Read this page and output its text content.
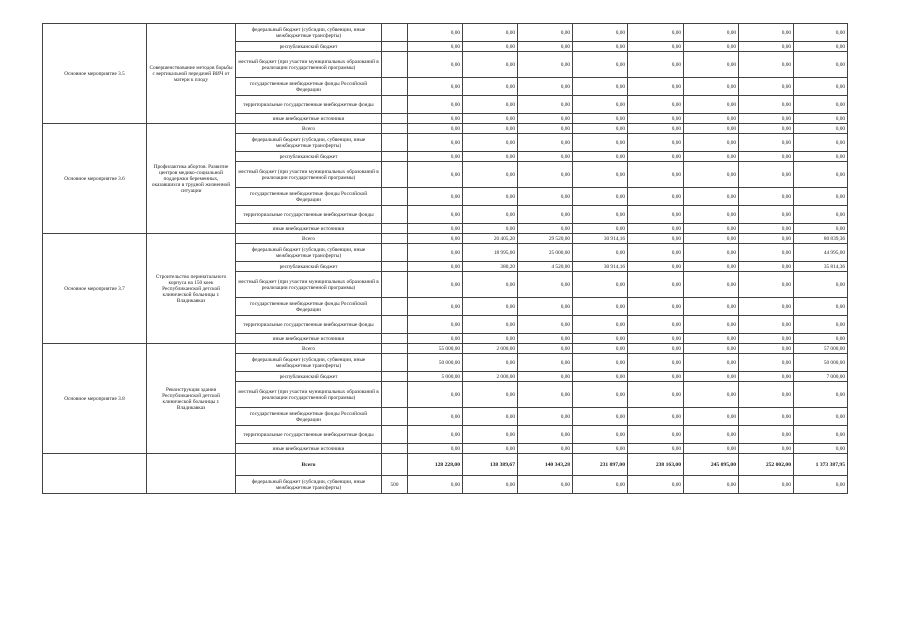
Основное мероприятие 3.5	Совершенствование методов борьбы с вертикальной передачей ВИЧ от матери к плоду	федеральный бюджет (субсидии, субвенции, иные межбюджетные трансферты)		0,00	0,00	0,00	0,00	0,00	0,00	0,00	0,00
		республиканский бюджет		0,00	0,00	0,00	0,00	0,00	0,00	0,00	0,00
		местный бюджет (при участии муниципальных образований в реализации государственной программы)		0,00	0,00	0,00	0,00	0,00	0,00	0,00	0,00
		государственные внебюджетные фонды Российской Федерации		0,00	0,00	0,00	0,00	0,00	0,00	0,00	0,00
		территориальные государственные внебюджетные фонды		0,00	0,00	0,00	0,00	0,00	0,00	0,00	0,00
		иные внебюджетные источники		0,00	0,00	0,00	0,00	0,00	0,00	0,00	0,00
Основное мероприятие 3.6	Профилактика абортов. Развитие центров медико-социальной поддержки беременных, оказавшихся в трудной жизненной ситуации	Всего		0,00	0,00	0,00	0,00	0,00	0,00	0,00	0,00
		федеральный бюджет (субсидии, субвенции, иные межбюджетные трансферты)		0,00	0,00	0,00	0,00	0,00	0,00	0,00	0,00
		республиканский бюджет		0,00	0,00	0,00	0,00	0,00	0,00	0,00	0,00
		местный бюджет (при участии муниципальных образований в реализации государственной программы)		0,00	0,00	0,00	0,00	0,00	0,00	0,00	0,00
		государственные внебюджетные фонды Российской Федерации		0,00	0,00	0,00	0,00	0,00	0,00	0,00	0,00
		территориальные государственные внебюджетные фонды		0,00	0,00	0,00	0,00	0,00	0,00	0,00	0,00
		иные внебюджетные источники		0,00	0,00	0,00	0,00	0,00	0,00	0,00	0,00
Основное мероприятие 3.7	Строительство перинатального корпуса на 150 коек Республиканской детской клинической больницы г. Владикавказ	Всего		0,00	20 405,20	29 520,00	30 914,16	0,00	0,00	0,00	80 839,36
		федеральный бюджет (субсидии, субвенции, иные межбюджетные трансферты)		0,00	18 995,00	25 000,00	0,00	0,00	0,00	0,00	44 995,00
		республиканский бюджет		0,00	380,20	4 520,00	30 914,16	0,00	0,00	0,00	35 814,36
		местный бюджет (при участии муниципальных образований в реализации государственной программы)		0,00	0,00	0,00	0,00	0,00	0,00	0,00	0,00
		государственные внебюджетные фонды Российской Федерации		0,00	0,00	0,00	0,00	0,00	0,00	0,00	0,00
		территориальные государственные внебюджетные фонды		0,00	0,00	0,00	0,00	0,00	0,00	0,00	0,00
		иные внебюджетные источники		0,00	0,00	0,00	0,00	0,00	0,00	0,00	0,00
Основное мероприятие 3.8	Реконструкция здания Республиканской детской клинической больницы г. Владикавказ	Всего		55 000,00	2 000,00	0,00	0,00	0,00	0,00	0,00	57 000,00
		федеральный бюджет (субсидии, субвенции, иные межбюджетные трансферты)		50 000,00	0,00	0,00	0,00	0,00	0,00	0,00	50 000,00
		республиканский бюджет		5 000,00	2 000,00	0,00	0,00	0,00	0,00	0,00	7 000,00
		местный бюджет (при участии муниципальных образований в реализации государственной программы)		0,00	0,00	0,00	0,00	0,00	0,00	0,00	0,00
		государственные внебюджетные фонды Российской Федерации		0,00	0,00	0,00	0,00	0,00	0,00	0,00	0,00
		территориальные государственные внебюджетные фонды		0,00	0,00	0,00	0,00	0,00	0,00	0,00	0,00
		иные внебюджетные источники		0,00	0,00	0,00	0,00	0,00	0,00	0,00	0,00
		Всего		128 228,00	138 389,67	140 343,28	231 097,00	238 163,00	245 095,00	252 002,00	1 373 387,95
		федеральный бюджет (субсидии, субвенции, иные межбюджетные трансферты)	500	0,00	0,00	0,00	0,00	0,00	0,00	0,00	0,00
